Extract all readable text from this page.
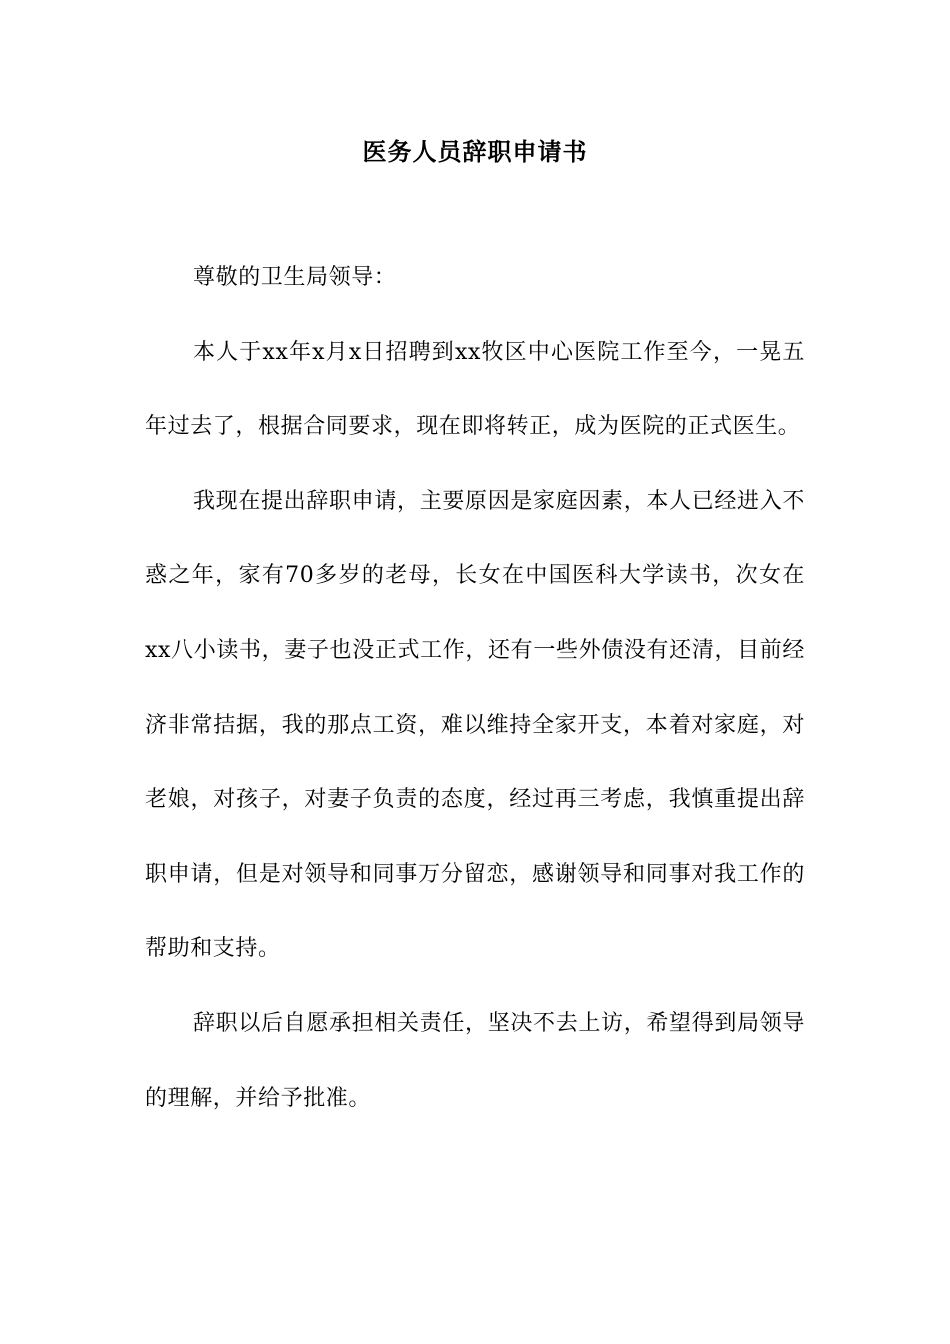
医务人员辞职申请书

尊敬的卫生局领导：

本人于xx年x月x日招聘到xx牧区中心医院工作至今，一晃五年过去了，根据合同要求，现在即将转正，成为医院的正式医生。

我现在提出辞职申请，主要原因是家庭因素，本人已经进入不惑之年，家有70多岁的老母，长女在中国医科大学读书，次女在xx八小读书，妻子也没正式工作，还有一些外债没有还清，目前经济非常拮据，我的那点工资，难以维持全家开支，本着对家庭，对老娘，对孩子，对妻子负责的态度，经过再三考虑，我慎重提出辞职申请，但是对领导和同事万分留恋，感谢领导和同事对我工作的帮助和支持。

辞职以后自愿承担相关责任，坚决不去上访，希望得到局领导的理解，并给予批准。
